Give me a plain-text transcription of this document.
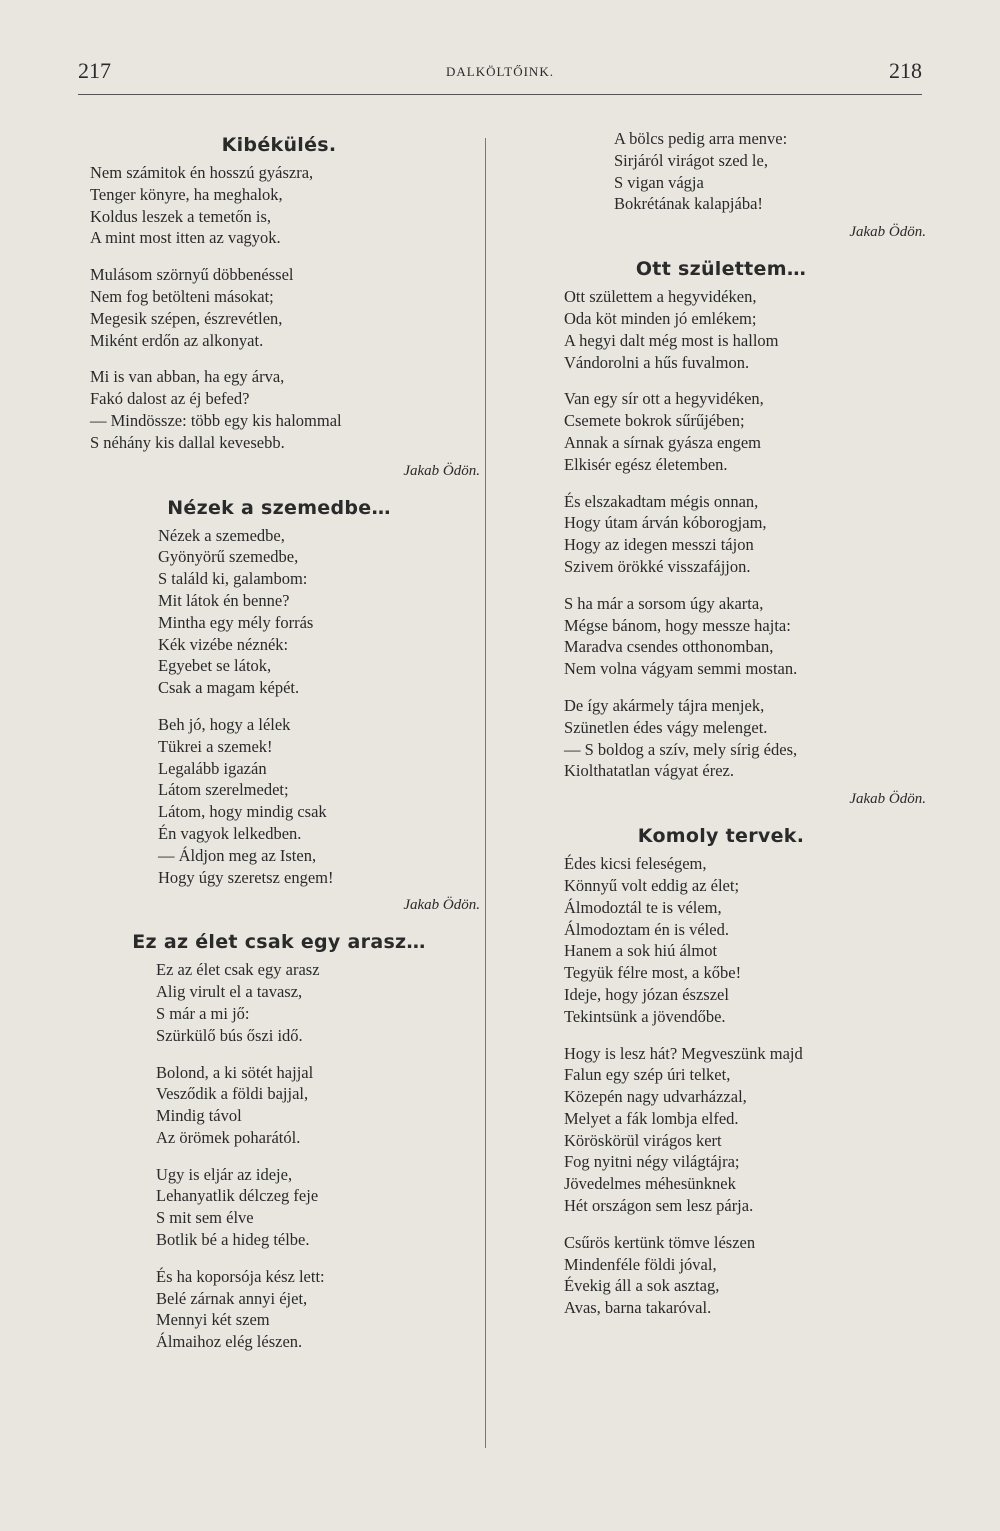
217	DALKÖLTŐINK.	218
Kibékülés.
Nem számitok én hosszú gyászra,
Tenger könyre, ha meghalok,
Koldus leszek a temetőn is,
A mint most itten az vagyok.
Mulásom szörnyű döbbenéssel
Nem fog betölteni másokat;
Megesik szépen, észrevétlen,
Miként erdőn az alkonyat.
Mi is van abban, ha egy árva,
Fakó dalost az éj befed?
— Mindössze: több egy kis halommal
S néhány kis dallal kevesebb.
Jakab Ödön.
Nézek a szemedbe…
Nézek a szemedbe,
Gyönyörű szemedbe,
S találd ki, galambom:
Mit látok én benne?
Mintha egy mély forrás
Kék vizébe néznék:
Egyebet se látok,
Csak a magam képét.
Beh jó, hogy a lélek
Tükrei a szemek!
Legalább igazán
Látom szerelmedet;
Látom, hogy mindig csak
Én vagyok lelkedben.
— Áldjon meg az Isten,
Hogy úgy szeretsz engem!
Jakab Ödön.
Ez az élet csak egy arasz…
Ez az élet csak egy arasz
Alig virult el a tavasz,
S már a mi jő:
Szürkülő bús őszi idő.
Bolond, a ki sötét hajjal
Vesződik a földi bajjal,
Mindig távol
Az örömek poharától.
Ugy is eljár az ideje,
Lehanyatlik délczeg feje
S mit sem élve
Botlik bé a hideg télbe.
És ha koporsója kész lett:
Belé zárnak annyi éjet,
Mennyi két szem
Álmaihoz elég lészen.
A bölcs pedig arra menve:
Sirjáról virágot szed le,
S vigan vágja
Bokrétának kalapjába!
Jakab Ödön.
Ott születtem…
Ott születtem a hegyvidéken,
Oda köt minden jó emlékem;
A hegyi dalt még most is hallom
Vándorolni a hűs fuvalmon.
Van egy sír ott a hegyvidéken,
Csemete bokrok sűrűjében;
Annak a sírnak gyásza engem
Elkisér egész életemben.
És elszakadtam mégis onnan,
Hogy útam árván kóborogjam,
Hogy az idegen messzi tájon
Szivem örökké visszafájjon.
S ha már a sorsom úgy akarta,
Mégse bánom, hogy messze hajta:
Maradva csendes otthonomban,
Nem volna vágyam semmi mostan.
De így akármely tájra menjek,
Szünetlen édes vágy melenget.
— S boldog a szív, mely sírig édes,
Kiolthatatlan vágyat érez.
Jakab Ödön.
Komoly tervek.
Édes kicsi feleségem,
Könnyű volt eddig az élet;
Álmodoztál te is vélem,
Álmodoztam én is véled.
Hanem a sok hiú álmot
Tegyük félre most, a kőbe!
Ideje, hogy józan észszel
Tekintsünk a jövendőbe.
Hogy is lesz hát? Megveszünk majd
Falun egy szép úri telket,
Közepén nagy udvarházzal,
Melyet a fák lombja elfed.
Köröskörül virágos kert
Fog nyitni négy világtájra;
Jövedelmes méhesünknek
Hét országon sem lesz párja.
Csűrös kertünk tömve lészen
Mindenféle földi jóval,
Évekig áll a sok asztag,
Avas, barna takaróval.
